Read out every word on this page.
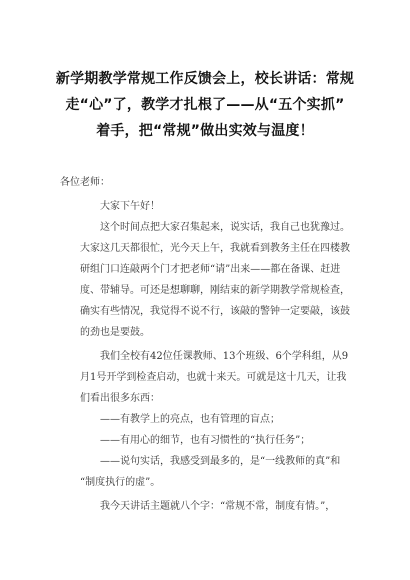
新学期教学常规工作反馈会上，校长讲话：常规
走“心”了，教学才扎根了——从“五个实抓”
着手，把“常规”做出实效与温度！
各位老师：
大家下午好！
这个时间点把大家召集起来，说实话，我自己也犹豫过。
大家这几天都很忙，光今天上午，我就看到教务主任在四楼教
研组门口连敲两个门才把老师“请”出来——都在备课、赶进
度、带辅导。可还是想聊聊，刚结束的新学期教学常规检查，
确实有些情况，我觉得不说不行，该敲的警钟一定要敲，该鼓
的劲也是要鼓。
我们全校有42位任课教师、13个班级、6个学科组，从9
月1号开学到检查启动，也就十来天。可就是这十几天，让我
们看出很多东西：
——有教学上的亮点，也有管理的盲点；
——有用心的细节，也有习惯性的“执行任务”；
——说句实话，我感受到最多的，是“一线教师的真”和
“制度执行的虚”。
我今天讲话主题就八个字：“常规不常，制度有情。”，
